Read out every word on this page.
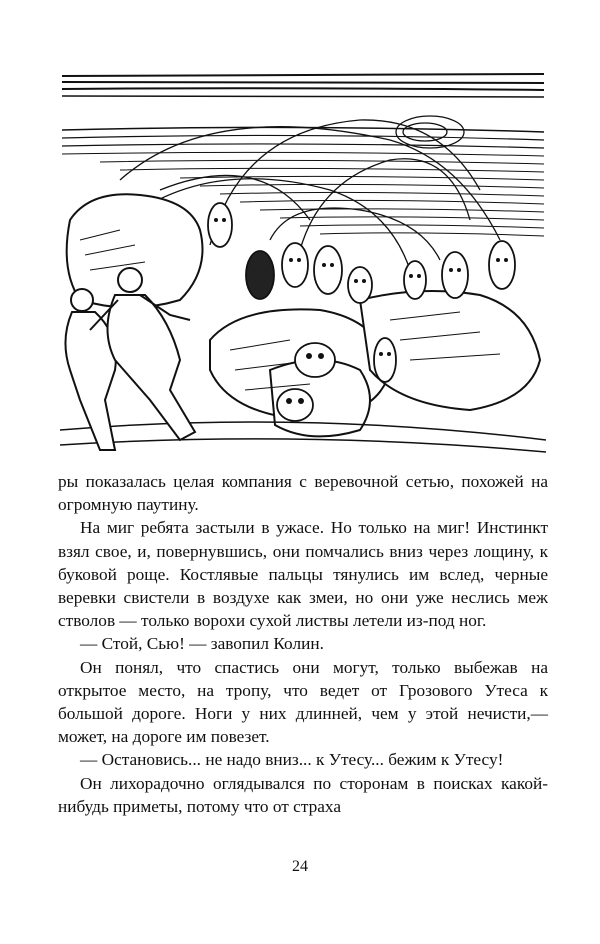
ры показалась целая компания с веревочной сетью, похожей на огромную паутину.

На миг ребята застыли в ужасе. Но только на миг! Инстинкт взял свое, и, повернувшись, они помчались вниз через лощину, к буковой роще. Костлявые пальцы тянулись им вслед, черные веревки свистели в воздухе как змеи, но они уже неслись меж стволов — только ворохи сухой листвы летели из-под ног.

— Стой, Сью! — завопил Колин.

Он понял, что спастись они могут, только выбежав на открытое место, на тропу, что ведет от Грозового Утеса к большой дороге. Ноги у них длинней, чем у этой нечисти,— может, на дороге им повезет.

— Остановись... не надо вниз... к Утесу... бежим к Утесу!

Он лихорадочно оглядывался по сторонам в поисках какой-нибудь приметы, потому что от страха

24
